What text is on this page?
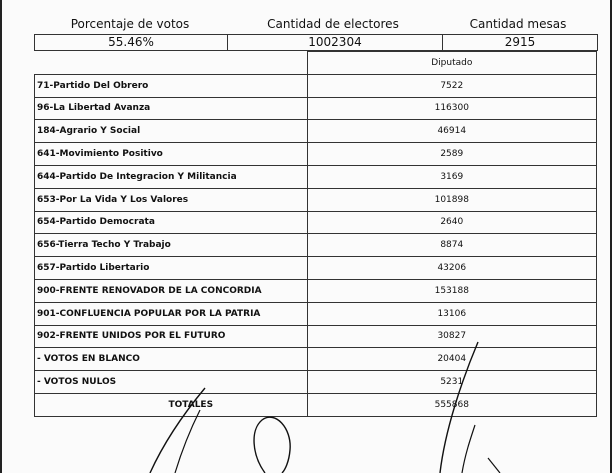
Porcentaje de votos	Cantidad de electores	Cantidad mesas
55.46%	1002304	2915
	Diputado
71-Partido Del Obrero	7522
96-La Libertad Avanza	116300
184-Agrario Y Social	46914
641-Movimiento Positivo	2589
644-Partido De Integracion Y Militancia	3169
653-Por La Vida Y Los Valores	101898
654-Partido Democrata	2640
656-Tierra Techo Y Trabajo	8874
657-Partido Libertario	43206
900-FRENTE RENOVADOR DE LA CONCORDIA	153188
901-CONFLUENCIA POPULAR POR LA PATRIA	13106
902-FRENTE UNIDOS POR EL FUTURO	30827
- VOTOS EN BLANCO	20404
- VOTOS NULOS	5231
TOTALES	555868
